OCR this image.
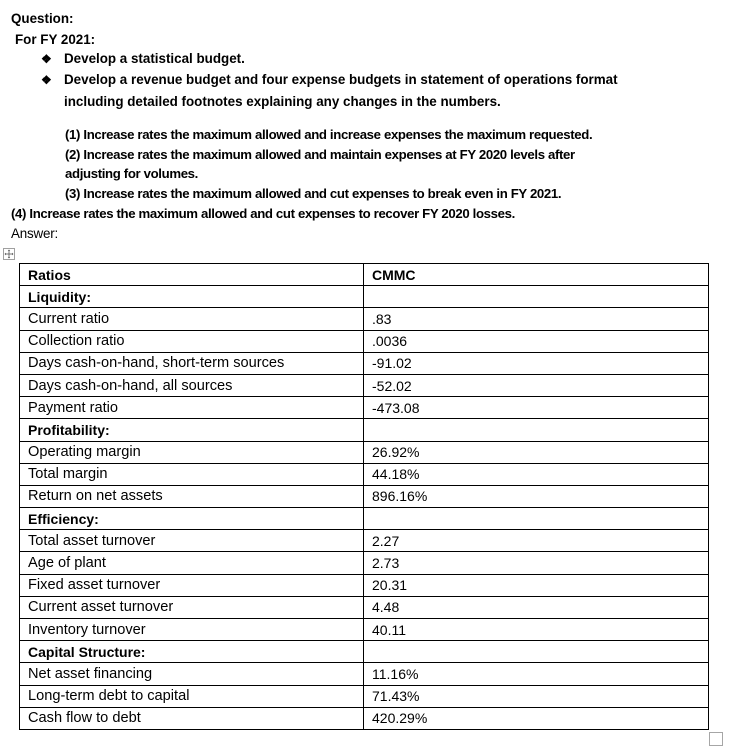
Question:
For FY 2021:
❖ Develop a statistical budget.
❖ Develop a revenue budget and four expense budgets in statement of operations format
including detailed footnotes explaining any changes in the numbers.
(1) Increase rates the maximum allowed and increase expenses the maximum requested.
(2) Increase rates the maximum allowed and maintain expenses at FY 2020 levels after
adjusting for volumes.
(3) Increase rates the maximum allowed and cut expenses to break even in FY 2021.
(4) Increase rates the maximum allowed and cut expenses to recover FY 2020 losses.
Answer:
Ratios	CMMC
Liquidity:	
Current ratio	.83
Collection ratio	.0036
Days cash-on-hand, short-term sources	-91.02
Days cash-on-hand, all sources	-52.02
Payment ratio	-473.08
Profitability:	
Operating margin	26.92%
Total margin	44.18%
Return on net assets	896.16%
Efficiency:	
Total asset turnover	2.27
Age of plant	2.73
Fixed asset turnover	20.31
Current asset turnover	4.48
Inventory turnover	40.11
Capital Structure:	
Net asset financing	11.16%
Long-term debt to capital	71.43%
Cash flow to debt	420.29%
